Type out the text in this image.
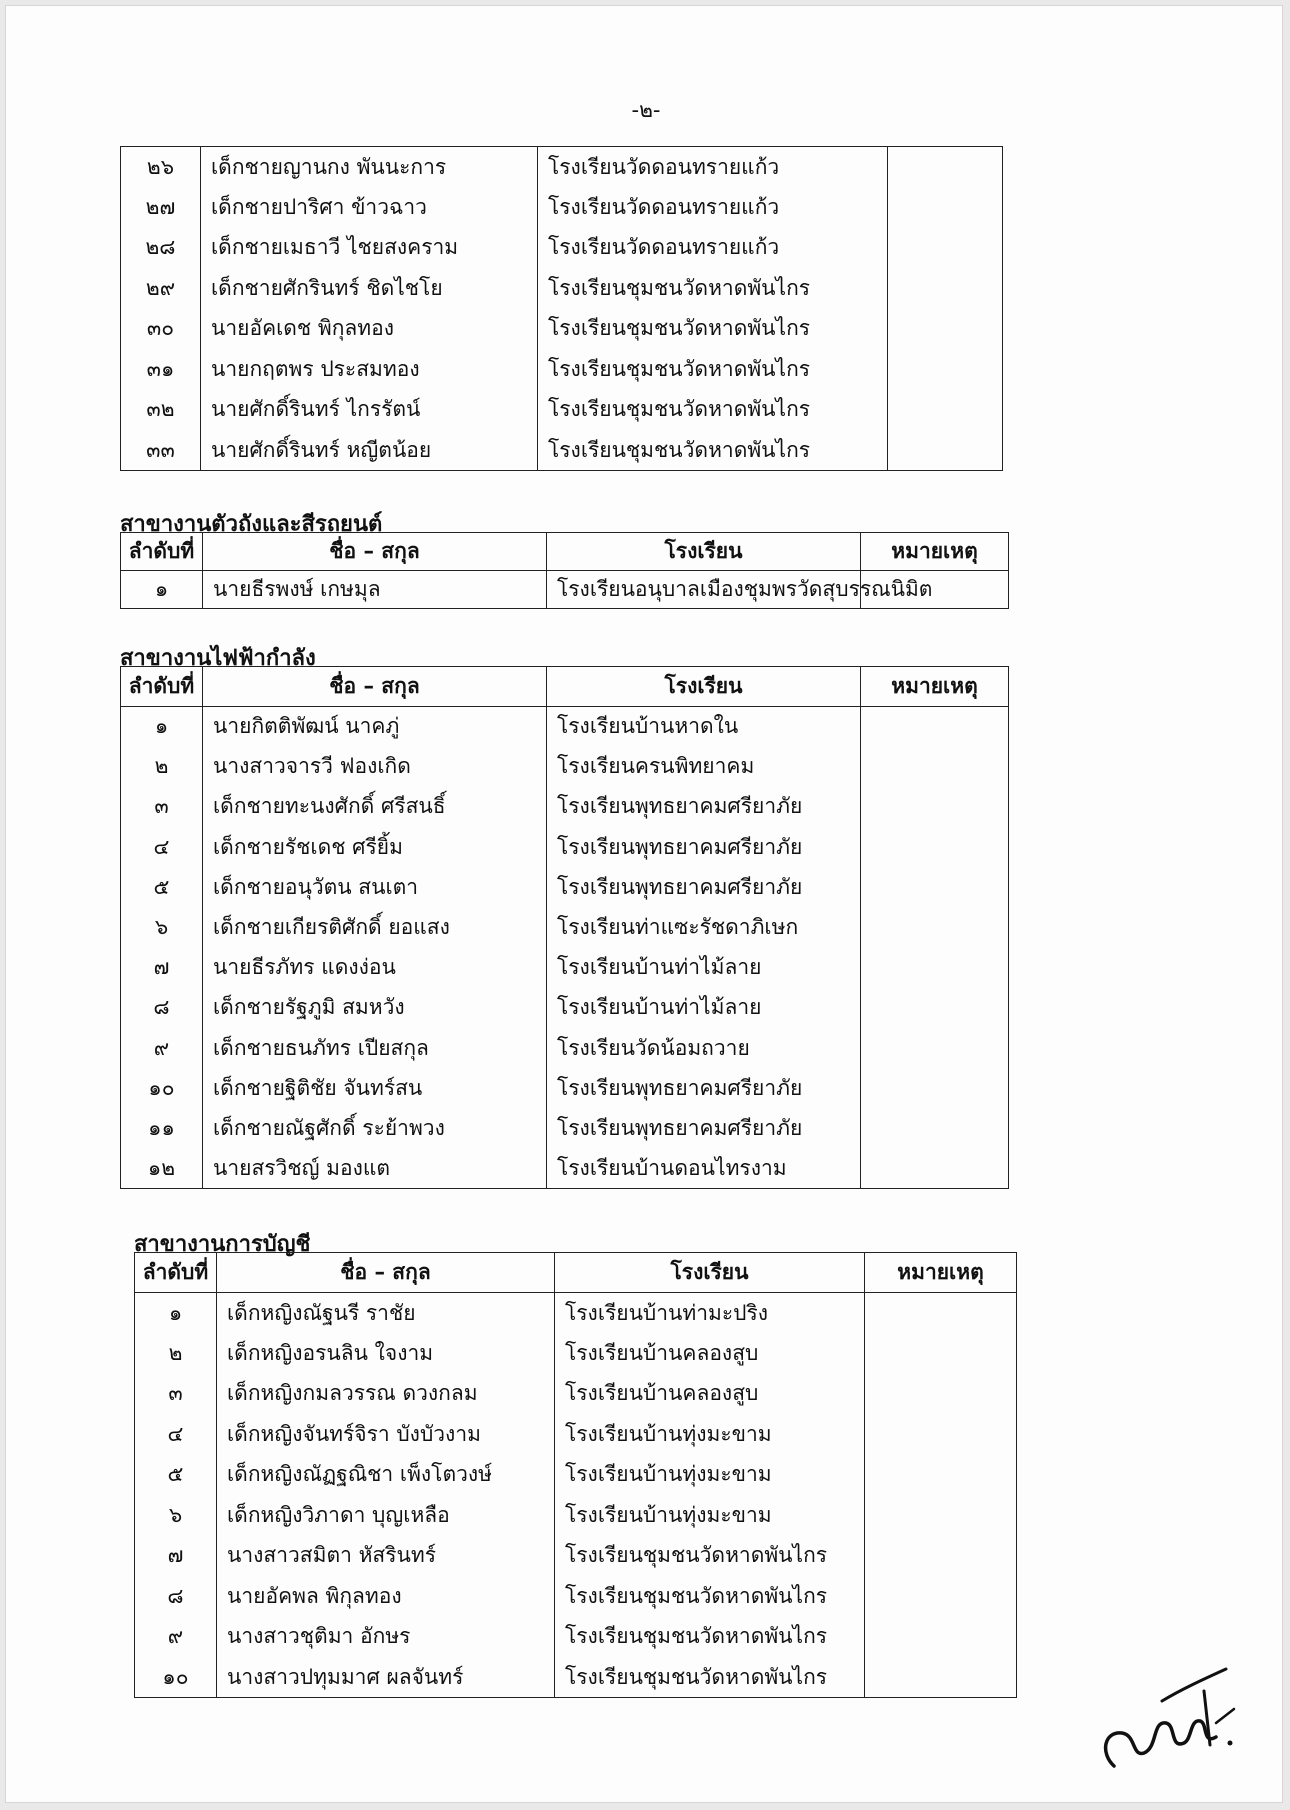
-๒-
๒๖	เด็กชายญานกง พันนะการ	โรงเรียนวัดดอนทรายแก้ว	
๒๗	เด็กชายปาริศา ข้าวฉาว	โรงเรียนวัดดอนทรายแก้ว	
๒๘	เด็กชายเมธาวี ไชยสงคราม	โรงเรียนวัดดอนทรายแก้ว	
๒๙	เด็กชายศักรินทร์ ชิดไชโย	โรงเรียนชุมชนวัดหาดพันไกร	
๓๐	นายอัคเดช พิกุลทอง	โรงเรียนชุมชนวัดหาดพันไกร	
๓๑	นายกฤตพร ประสมทอง	โรงเรียนชุมชนวัดหาดพันไกร	
๓๒	นายศักดิ์รินทร์ ไกรรัตน์	โรงเรียนชุมชนวัดหาดพันไกร	
๓๓	นายศักดิ์รินทร์ หญีตน้อย	โรงเรียนชุมชนวัดหาดพันไกร	
สาขางานตัวถังและสีรถยนต์
ลำดับที่	ชื่อ – สกุล	โรงเรียน	หมายเหตุ
๑	นายธีรพงษ์ เกษมุล	โรงเรียนอนุบาลเมืองชุมพรวัดสุบรรณนิมิต	
สาขางานไฟฟ้ากำลัง
ลำดับที่	ชื่อ – สกุล	โรงเรียน	หมายเหตุ
๑	นายกิตติพัฒน์ นาคภู่	โรงเรียนบ้านหาดใน	
๒	นางสาวจารวี ฟองเกิด	โรงเรียนครนพิทยาคม	
๓	เด็กชายทะนงศักดิ์ ศรีสนธิ์	โรงเรียนพุทธยาคมศรียาภัย	
๔	เด็กชายรัชเดช ศรียิ้ม	โรงเรียนพุทธยาคมศรียาภัย	
๕	เด็กชายอนุวัตน สนเตา	โรงเรียนพุทธยาคมศรียาภัย	
๖	เด็กชายเกียรติศักดิ์ ยอแสง	โรงเรียนท่าแซะรัชดาภิเษก	
๗	นายธีรภัทร แดงง่อน	โรงเรียนบ้านท่าไม้ลาย	
๘	เด็กชายรัฐภูมิ สมหวัง	โรงเรียนบ้านท่าไม้ลาย	
๙	เด็กชายธนภัทร เปียสกุล	โรงเรียนวัดน้อมถวาย	
๑๐	เด็กชายฐิติชัย จันทร์สน	โรงเรียนพุทธยาคมศรียาภัย	
๑๑	เด็กชายณัฐศักดิ์ ระย้าพวง	โรงเรียนพุทธยาคมศรียาภัย	
๑๒	นายสรวิชญ์ มองแต	โรงเรียนบ้านดอนไทรงาม	
สาขางานการบัญชี
ลำดับที่	ชื่อ – สกุล	โรงเรียน	หมายเหตุ
๑	เด็กหญิงณัฐนรี ราชัย	โรงเรียนบ้านท่ามะปริง	
๒	เด็กหญิงอรนลิน ใจงาม	โรงเรียนบ้านคลองสูบ	
๓	เด็กหญิงกมลวรรณ ดวงกลม	โรงเรียนบ้านคลองสูบ	
๔	เด็กหญิงจันทร์จิรา บังบัวงาม	โรงเรียนบ้านทุ่งมะขาม	
๕	เด็กหญิงณัฏฐณิชา เพ็งโตวงษ์	โรงเรียนบ้านทุ่งมะขาม	
๖	เด็กหญิงวิภาดา บุญเหลือ	โรงเรียนบ้านทุ่งมะขาม	
๗	นางสาวสมิตา หัสรินทร์	โรงเรียนชุมชนวัดหาดพันไกร	
๘	นายอัคพล พิกุลทอง	โรงเรียนชุมชนวัดหาดพันไกร	
๙	นางสาวชุติมา อักษร	โรงเรียนชุมชนวัดหาดพันไกร	
๑๐	นางสาวปทุมมาศ ผลจันทร์	โรงเรียนชุมชนวัดหาดพันไกร	
